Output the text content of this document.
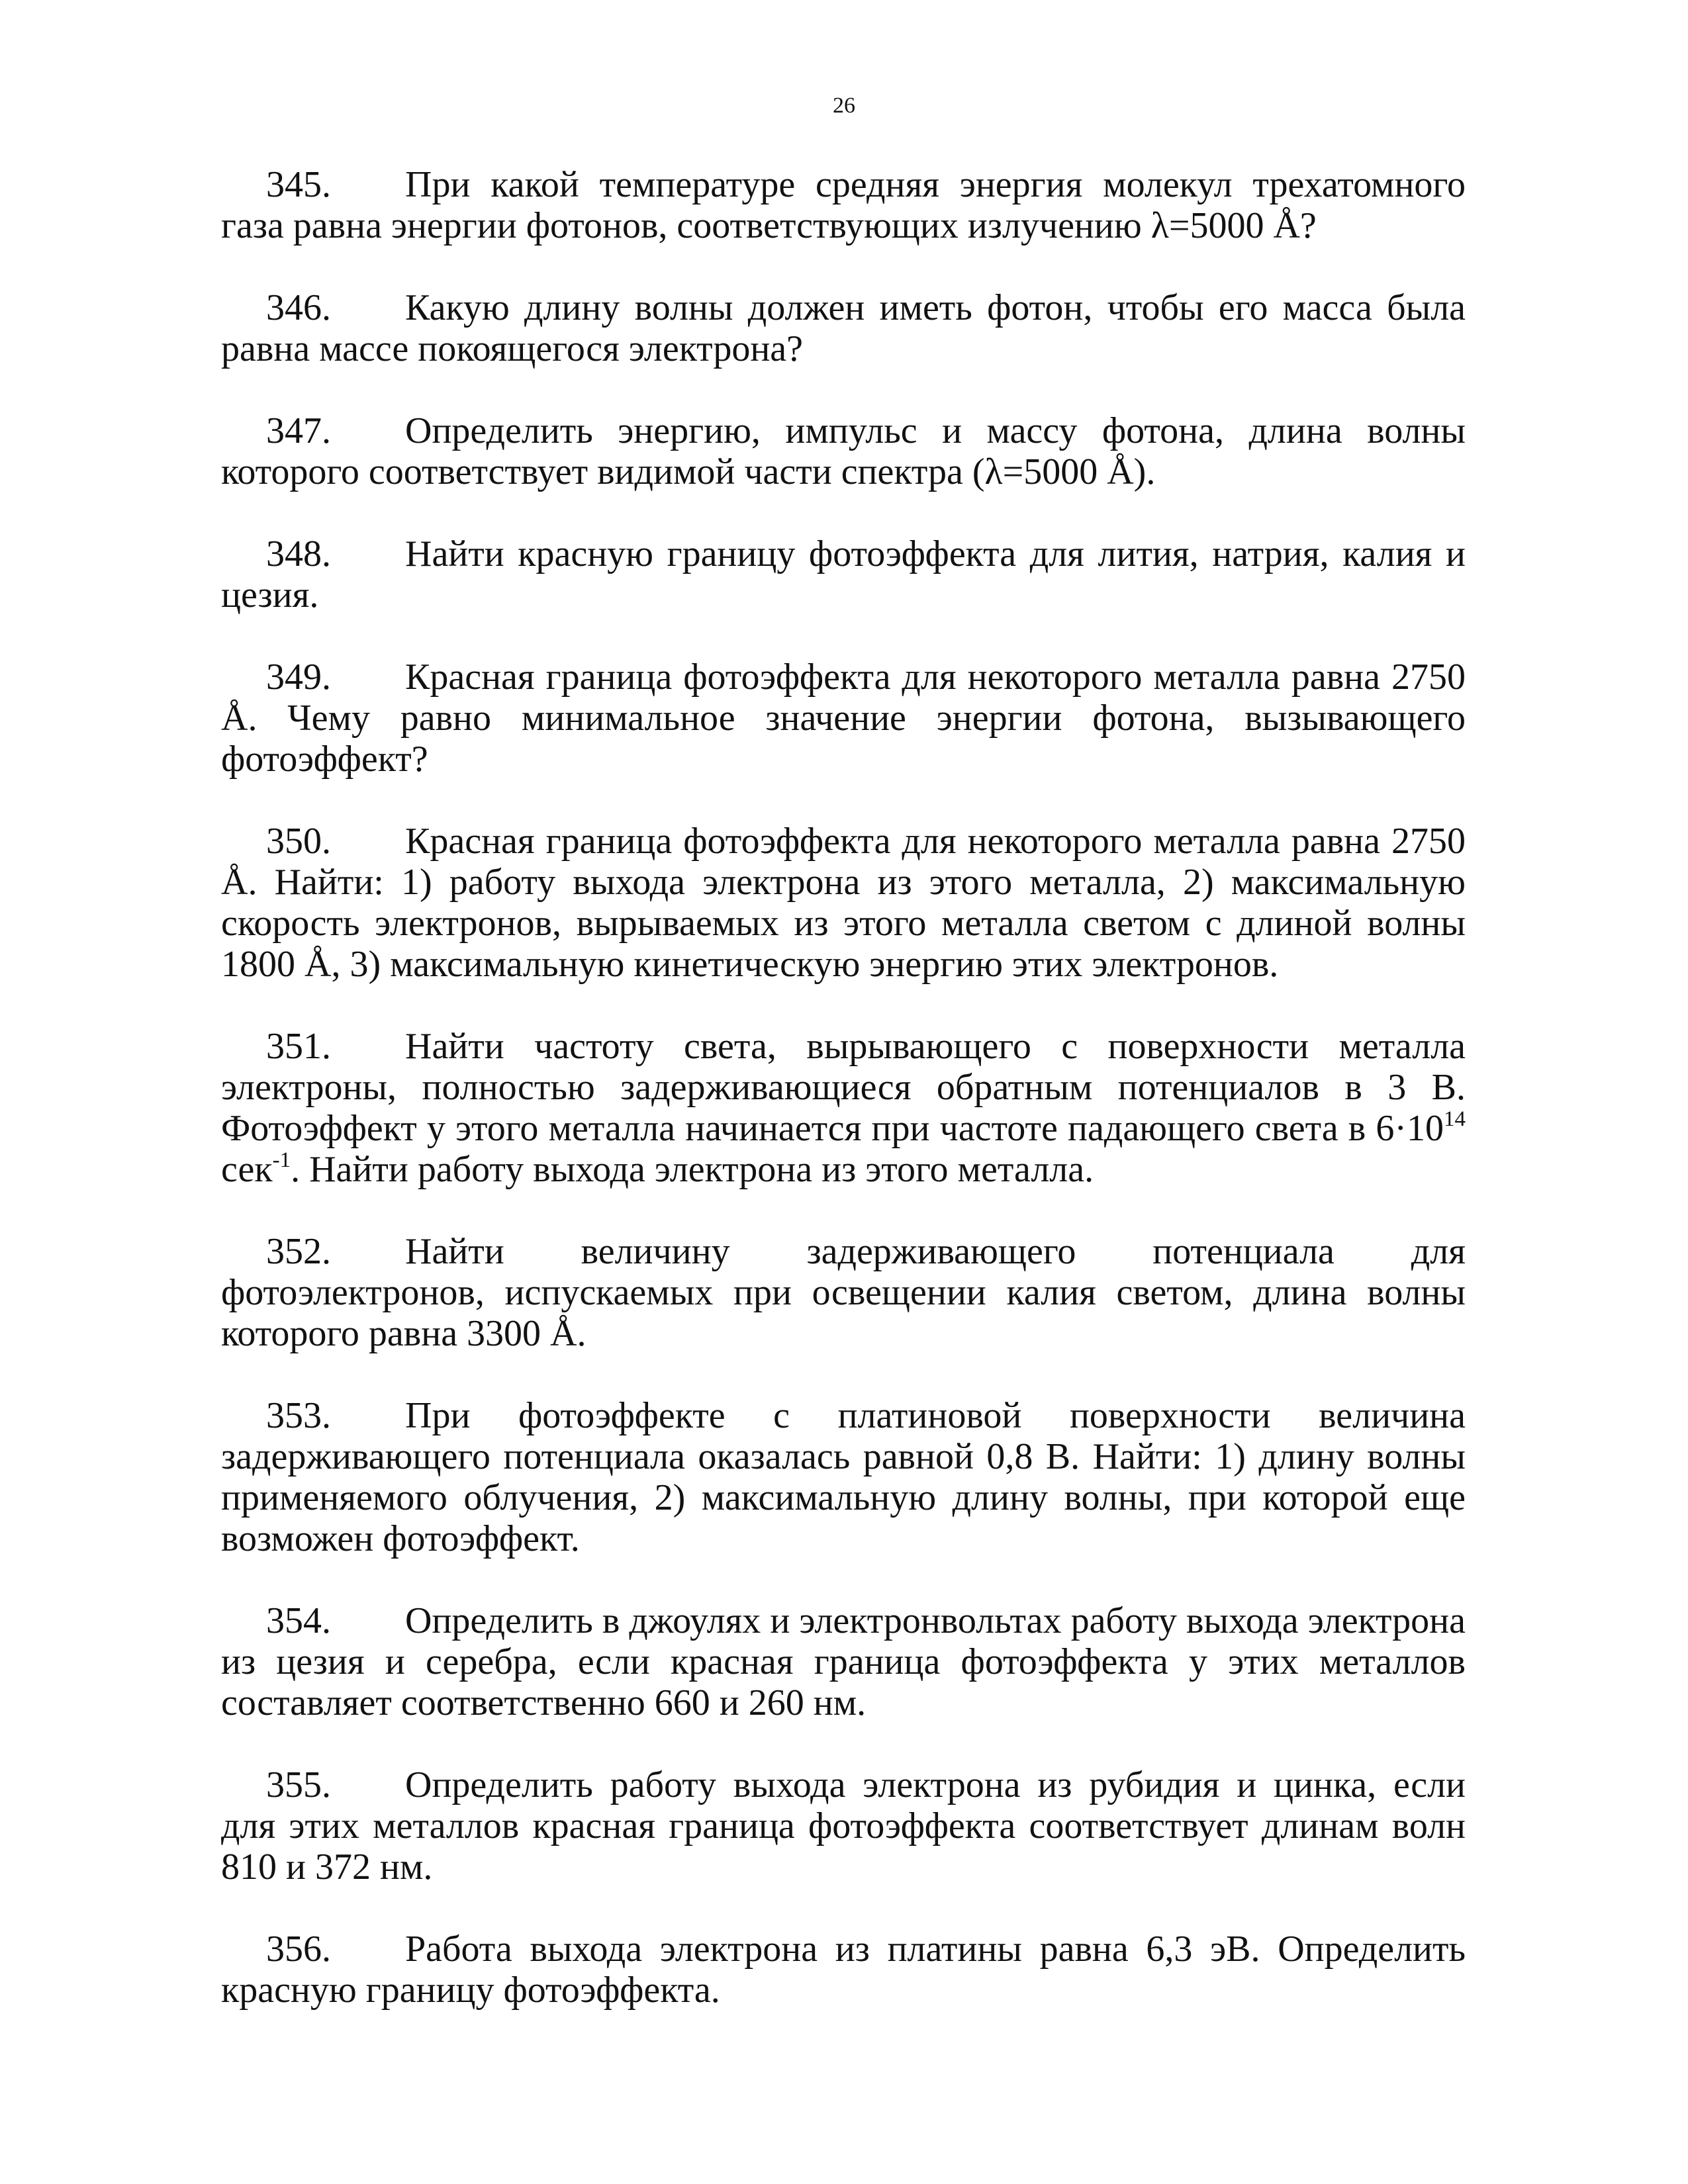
26

345. При какой температуре средняя энергия молекул трехатомного газа равна энергии фотонов, соответствующих излучению λ=5000 Å?

346. Какую длину волны должен иметь фотон, чтобы его масса была равна массе покоящегося электрона?

347. Определить энергию, импульс и массу фотона, длина волны которого соответствует видимой части спектра (λ=5000 Å).

348. Найти красную границу фотоэффекта для лития, натрия, калия и цезия.

349. Красная граница фотоэффекта для некоторого металла равна 2750 Å. Чему равно минимальное значение энергии фотона, вызывающего фотоэффект?

350. Красная граница фотоэффекта для некоторого металла равна 2750 Å. Найти: 1) работу выхода электрона из этого металла, 2) максимальную скорость электронов, вырываемых из этого металла светом с длиной волны 1800 Å, 3) максимальную кинетическую энергию этих электронов.

351. Найти частоту света, вырывающего с поверхности металла электроны, полностью задерживающиеся обратным потенциалов в 3 В. Фотоэффект у этого металла начинается при частоте падающего света в $6\cdot 10^{14}$ сек$^{-1}$. Найти работу выхода электрона из этого металла.

352. Найти величину задерживающего потенциала для фотоэлектронов, испускаемых при освещении калия светом, длина волны которого равна 3300 Å.

353. При фотоэффекте с платиновой поверхности величина задерживающего потенциала оказалась равной 0,8 В. Найти: 1) длину волны применяемого облучения, 2) максимальную длину волны, при которой еще возможен фотоэффект.

354. Определить в джоулях и электронвольтах работу выхода электрона из цезия и серебра, если красная граница фотоэффекта у этих металлов составляет соответственно 660 и 260 нм.

355. Определить работу выхода электрона из рубидия и цинка, если для этих металлов красная граница фотоэффекта соответствует длинам волн 810 и 372 нм.

356. Работа выхода электрона из платины равна 6,3 эВ. Определить красную границу фотоэффекта.
